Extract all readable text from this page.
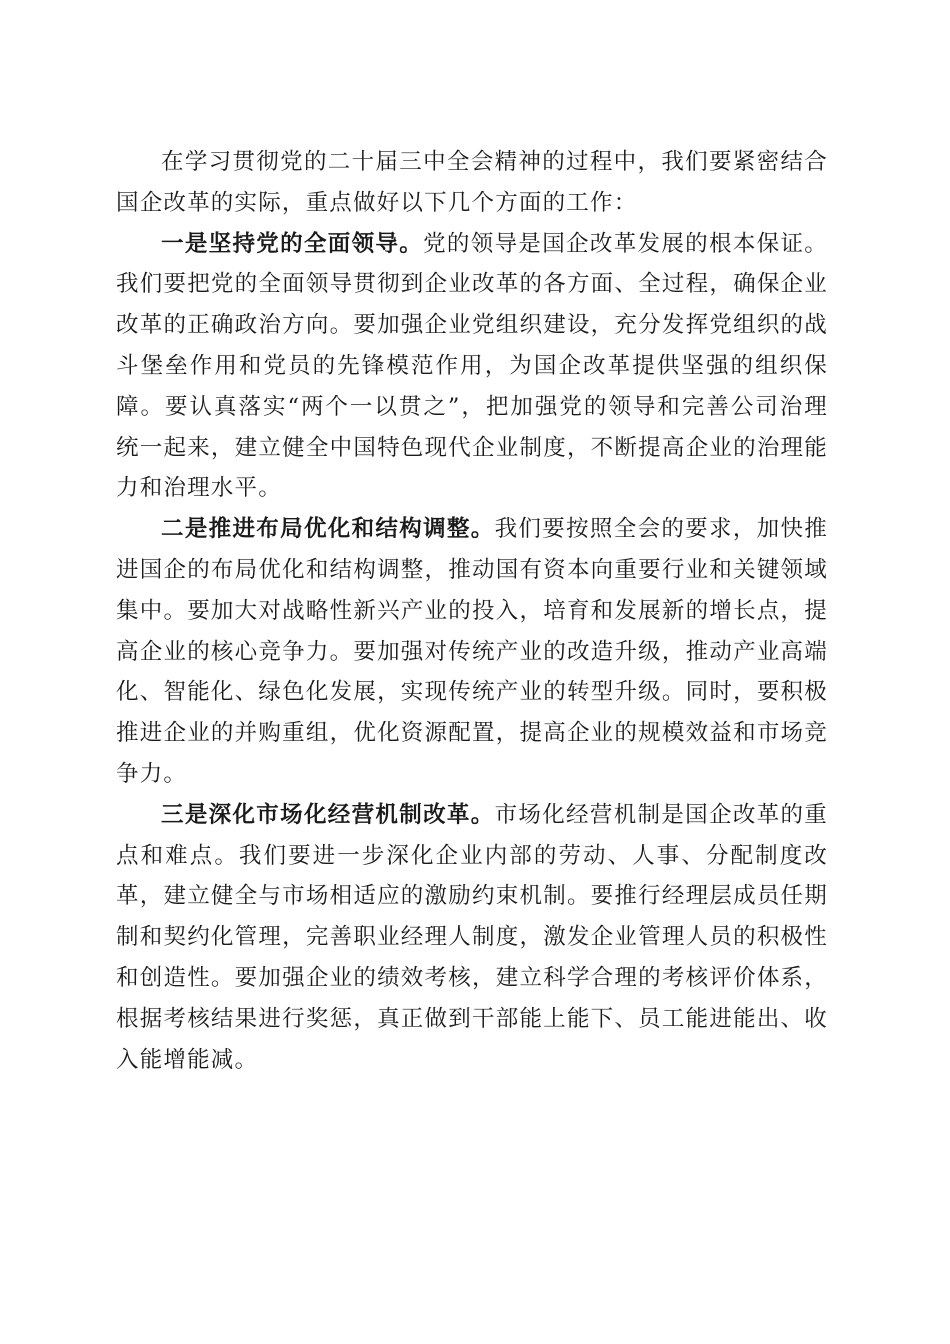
在学习贯彻党的二十届三中全会精神的过程中，我们要紧密结合国企改革的实际，重点做好以下几个方面的工作：

一是坚持党的全面领导。党的领导是国企改革发展的根本保证。我们要把党的全面领导贯彻到企业改革的各方面、全过程，确保企业改革的正确政治方向。要加强企业党组织建设，充分发挥党组织的战斗堡垒作用和党员的先锋模范作用，为国企改革提供坚强的组织保障。要认真落实“两个一以贯之”，把加强党的领导和完善公司治理统一起来，建立健全中国特色现代企业制度，不断提高企业的治理能力和治理水平。

二是推进布局优化和结构调整。我们要按照全会的要求，加快推进国企的布局优化和结构调整，推动国有资本向重要行业和关键领域集中。要加大对战略性新兴产业的投入，培育和发展新的增长点，提高企业的核心竞争力。要加强对传统产业的改造升级，推动产业高端化、智能化、绿色化发展，实现传统产业的转型升级。同时，要积极推进企业的并购重组，优化资源配置，提高企业的规模效益和市场竞争力。

三是深化市场化经营机制改革。市场化经营机制是国企改革的重点和难点。我们要进一步深化企业内部的劳动、人事、分配制度改革，建立健全与市场相适应的激励约束机制。要推行经理层成员任期制和契约化管理，完善职业经理人制度，激发企业管理人员的积极性和创造性。要加强企业的绩效考核，建立科学合理的考核评价体系，根据考核结果进行奖惩，真正做到干部能上能下、员工能进能出、收入能增能减。
